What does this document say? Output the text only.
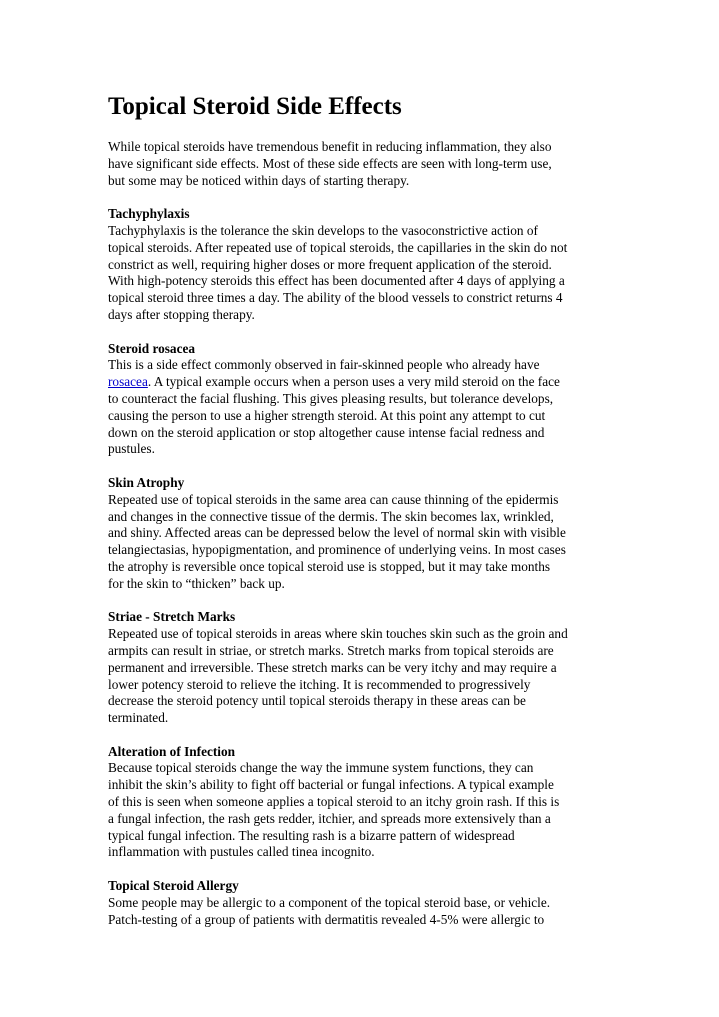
Topical Steroid Side Effects

While topical steroids have tremendous benefit in reducing inflammation, they also
have significant side effects. Most of these side effects are seen with long-term use,
but some may be noticed within days of starting therapy.

Tachyphylaxis
Tachyphylaxis is the tolerance the skin develops to the vasoconstrictive action of
topical steroids. After repeated use of topical steroids, the capillaries in the skin do not
constrict as well, requiring higher doses or more frequent application of the steroid.
With high-potency steroids this effect has been documented after 4 days of applying a
topical steroid three times a day. The ability of the blood vessels to constrict returns 4
days after stopping therapy.

Steroid rosacea
This is a side effect commonly observed in fair-skinned people who already have
rosacea. A typical example occurs when a person uses a very mild steroid on the face
to counteract the facial flushing. This gives pleasing results, but tolerance develops,
causing the person to use a higher strength steroid. At this point any attempt to cut
down on the steroid application or stop altogether cause intense facial redness and
pustules.

Skin Atrophy
Repeated use of topical steroids in the same area can cause thinning of the epidermis
and changes in the connective tissue of the dermis. The skin becomes lax, wrinkled,
and shiny. Affected areas can be depressed below the level of normal skin with visible
telangiectasias, hypopigmentation, and prominence of underlying veins. In most cases
the atrophy is reversible once topical steroid use is stopped, but it may take months
for the skin to “thicken” back up.

Striae - Stretch Marks
Repeated use of topical steroids in areas where skin touches skin such as the groin and
armpits can result in striae, or stretch marks. Stretch marks from topical steroids are
permanent and irreversible. These stretch marks can be very itchy and may require a
lower potency steroid to relieve the itching. It is recommended to progressively
decrease the steroid potency until topical steroids therapy in these areas can be
terminated.

Alteration of Infection
Because topical steroids change the way the immune system functions, they can
inhibit the skin’s ability to fight off bacterial or fungal infections. A typical example
of this is seen when someone applies a topical steroid to an itchy groin rash. If this is
a fungal infection, the rash gets redder, itchier, and spreads more extensively than a
typical fungal infection. The resulting rash is a bizarre pattern of widespread
inflammation with pustules called tinea incognito.

Topical Steroid Allergy
Some people may be allergic to a component of the topical steroid base, or vehicle.
Patch-testing of a group of patients with dermatitis revealed 4-5% were allergic to
